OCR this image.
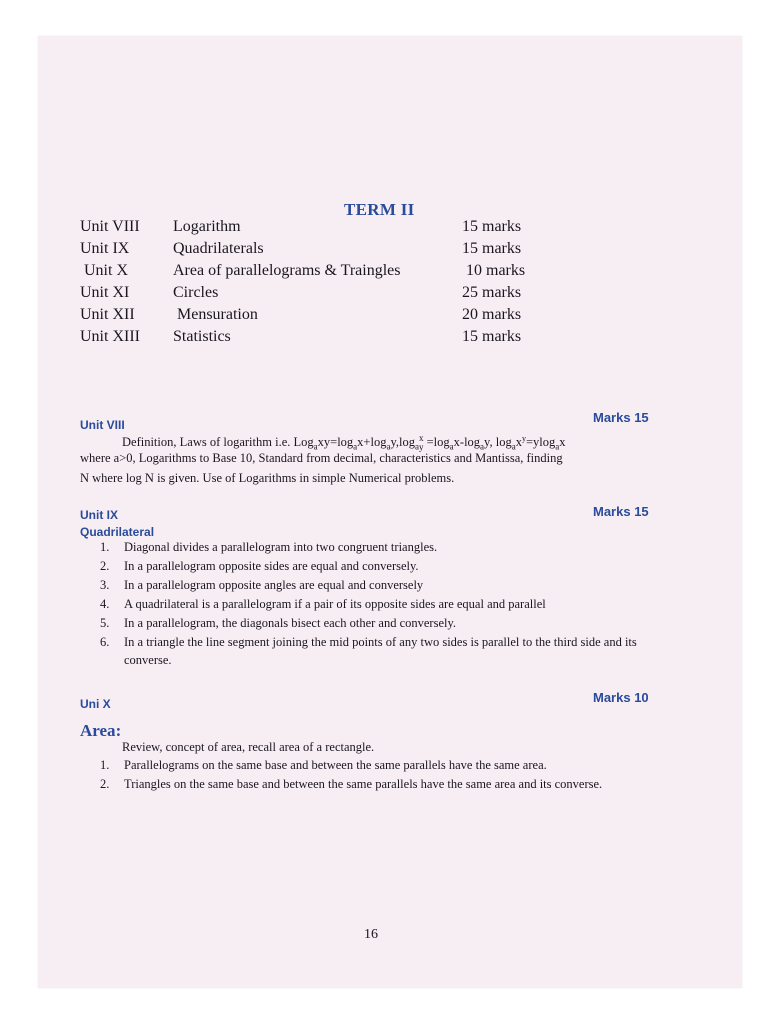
TERM II
Unit VIII Logarithm	15 marks
Unit IX	Quadrilaterals	15 marks
Unit X	Area of parallelograms & Traingles	10 marks
Unit XI	Circles	25 marks
Unit XII	Mensuration	20 marks
Unit XIII Statistics	15 marks
Unit VIII	Marks 15
Definition, Laws of logarithm i.e. $Log_axy=\log_ax+\log_ay,\log_ax$
$y =\log_ax-\log_ay$, $\log_ax^y=ylog_ax$
where a>0, Logarithms to Base 10, Standard from decimal, characteristics and Mantissa, finding
N where log N is given. Use of Logarithms in simple Numerical problems.
Unit IX	Marks 15
Quadrilateral
1. Diagonal divides a parallelogram into two congruent triangles.
2. In a parallelogram opposite sides are equal and conversely.
3. In a parallelogram opposite angles are equal and conversely
4. A quadrilateral is a parallelogram if a pair of its opposite sides are equal and parallel
5. In a parallelogram, the diagonals bisect each other and conversely.
6. In a triangle the line segment joining the mid points of any two sides is parallel to the third side and its converse.
Uni X	Marks 10
Area:
Review, concept of area, recall area of a rectangle.
1. Parallelograms on the same base and between the same parallels have the same area.
2. Triangles on the same base and between the same parallels have the same area and its converse.
16
